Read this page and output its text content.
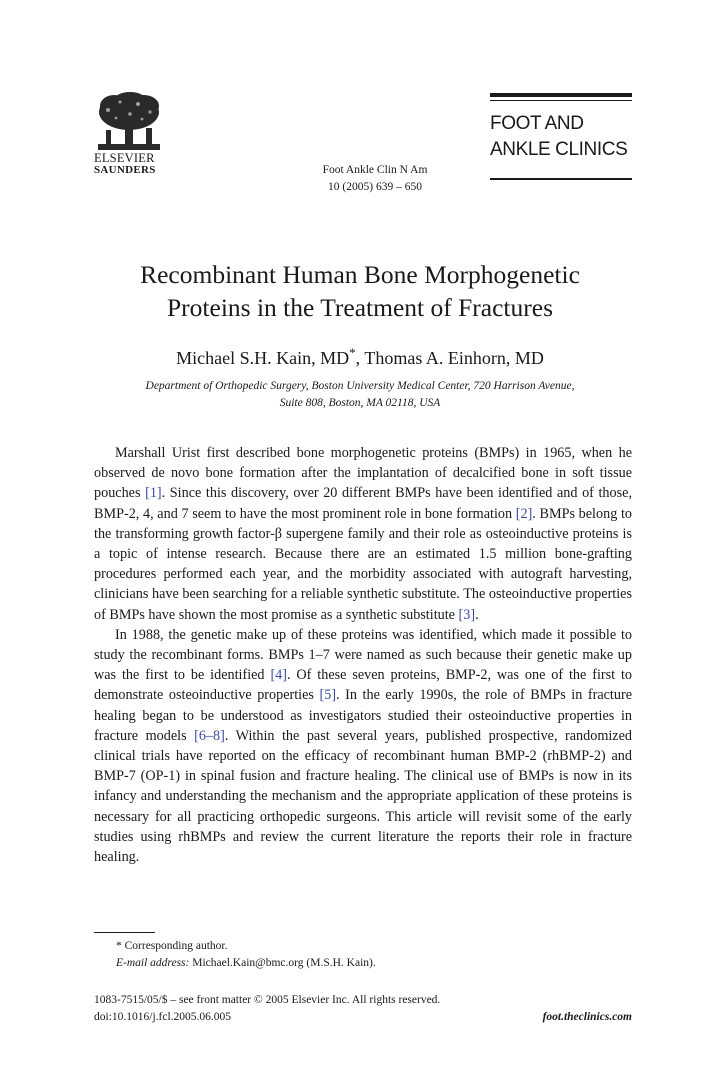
ELSEVIER
SAUNDERS	Foot Ankle Clin N Am
10 (2005) 639 – 650
FOOT AND
ANKLE CLINICS
Recombinant Human Bone Morphogenetic
Proteins in the Treatment of Fractures
Michael S.H. Kain, MD*, Thomas A. Einhorn, MD
Department of Orthopedic Surgery, Boston University Medical Center, 720 Harrison Avenue,
Suite 808, Boston, MA 02118, USA

Marshall Urist first described bone morphogenetic proteins (BMPs) in 1965, when he observed de novo bone formation after the implantation of decalcified bone in soft tissue pouches [1]. Since this discovery, over 20 different BMPs have been identified and of those, BMP-2, 4, and 7 seem to have the most prominent role in bone formation [2]. BMPs belong to the transforming growth factor-β supergene family and their role as osteoinductive proteins is a topic of intense research. Because there are an estimated 1.5 million bone-grafting procedures performed each year, and the morbidity associated with autograft harvesting, clinicians have been searching for a reliable synthetic substitute. The osteoinductive properties of BMPs have shown the most promise as a synthetic substitute [3].

In 1988, the genetic make up of these proteins was identified, which made it possible to study the recombinant forms. BMPs 1–7 were named as such because their genetic make up was the first to be identified [4]. Of these seven proteins, BMP-2, was one of the first to demonstrate osteoinductive properties [5]. In the early 1990s, the role of BMPs in fracture healing began to be understood as investigators studied their osteoinductive properties in fracture models [6–8]. Within the past several years, published prospective, randomized clinical trials have reported on the efficacy of recombinant human BMP-2 (rhBMP-2) and BMP-7 (OP-1) in spinal fusion and fracture healing. The clinical use of BMPs is now in its infancy and understanding the mechanism and the appropriate application of these proteins is necessary for all practicing orthopedic surgeons. This article will revisit some of the early studies using rhBMPs and review the current literature the reports their role in fracture healing.

* Corresponding author.
E-mail address: Michael.Kain@bmc.org (M.S.H. Kain).
1083-7515/05/$ – see front matter © 2005 Elsevier Inc. All rights reserved.
doi:10.1016/j.fcl.2005.06.005	foot.theclinics.com
